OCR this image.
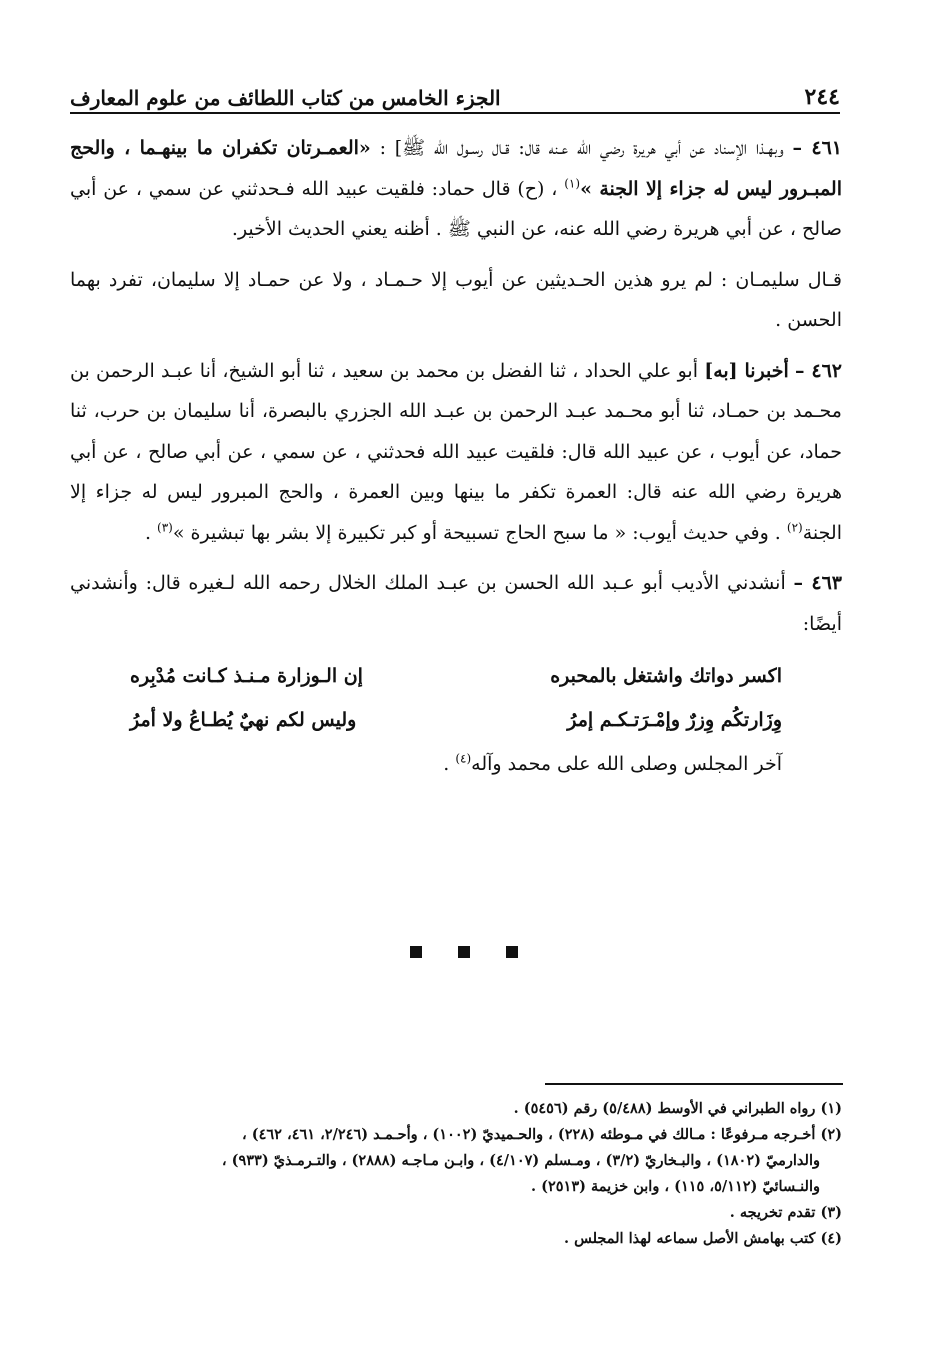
٢٤٤
الجزء الخامس من كتاب اللطائف من علوم المعارف

٤٦١ – وبهـذا الإسناد عن أبي هريرة رضي الله عـنه قال: قـال رسـول الله ﷺ] : «العمـرتان تكفران ما بينهـما ، والحج المبـرور ليس له جزاء إلا الجنة »$^{(١)}$ ، (ح) قال حماد: فلقيت عبيد الله فـحدثني عن سمي ، عن أبي صالح ، عن أبي هريرة رضي الله عنه، عن النبي ﷺ . أظنه يعني الحديث الأخير.

قـال سليمـان : لم يرو هذين الحـديثين عن أيوب إلا حـمـاد ، ولا عن حمـاد إلا سليمان، تفرد بهما الحسن .

٤٦٢ – أخبرنا [به] أبو علي الحداد ، ثنا الفضل بن محمد بن سعيد ، ثنا أبو الشيخ، أنا عبـد الرحمن بن محـمد بن حمـاد، ثنا أبو محـمد عبـد الرحمن بن عبـد الله الجزري بالبصرة، أنا سليمان بن حرب، ثنا حماد، عن أيوب ، عن عبيد الله قال: فلقيت عبيد الله فحدثني ، عن سمي ، عن أبي صالح ، عن أبي هريرة رضي الله عنه قال: العمرة تكفر ما بينها وبين العمرة ، والحج المبرور ليس له جزاء إلا الجنة$^{(٢)}$ . وفي حديث أيوب: « ما سبح الحاج تسبيحة أو كبر تكبيرة إلا بشر بها تبشيرة »$^{(٣)}$ .

٤٦٣ – أنشدني الأديب أبو عـبد الله الحسن بن عبـد الملك الخلال رحمه الله لـغيره قال: وأنشدني أيضًا:

اكسر دواتك واشتغل بالمحبره
إن الـوزارة مـنـذ كـانت مُدْبِره
وِزَارتكُم وِزرٌ وإمْـرَتـكـم إمرُ
وليس لكم نهيٌ يُطـاعُ ولا أمرُ
آخر المجلس وصلى الله على محمد وآله$^{(٤)}$ .

(١) رواه الطبراني في الأوسط (٥/٤٨٨) رقم (٥٤٥٦) .

(٢) أخـرجه مـرفوعًا : مـالك في مـوطئه (٢٢٨) ، والحـميديّ (١٠٠٢) ، وأحـمـد (٢/٢٤٦، ٤٦١، ٤٦٢) ،

والدارميّ (١٨٠٢) ، والبـخاريّ (٣/٢) ، ومـسلم (٤/١٠٧) ، وابـن مـاجـه (٢٨٨٨) ، والتـرمـذيّ (٩٣٣) ،

والنـسائيّ (٥/١١٢، ١١٥) ، وابن خزيمة (٢٥١٣) .

(٣) تقدم تخريجه .

(٤) كتب بهامش الأصل سماعه لهذا المجلس .
